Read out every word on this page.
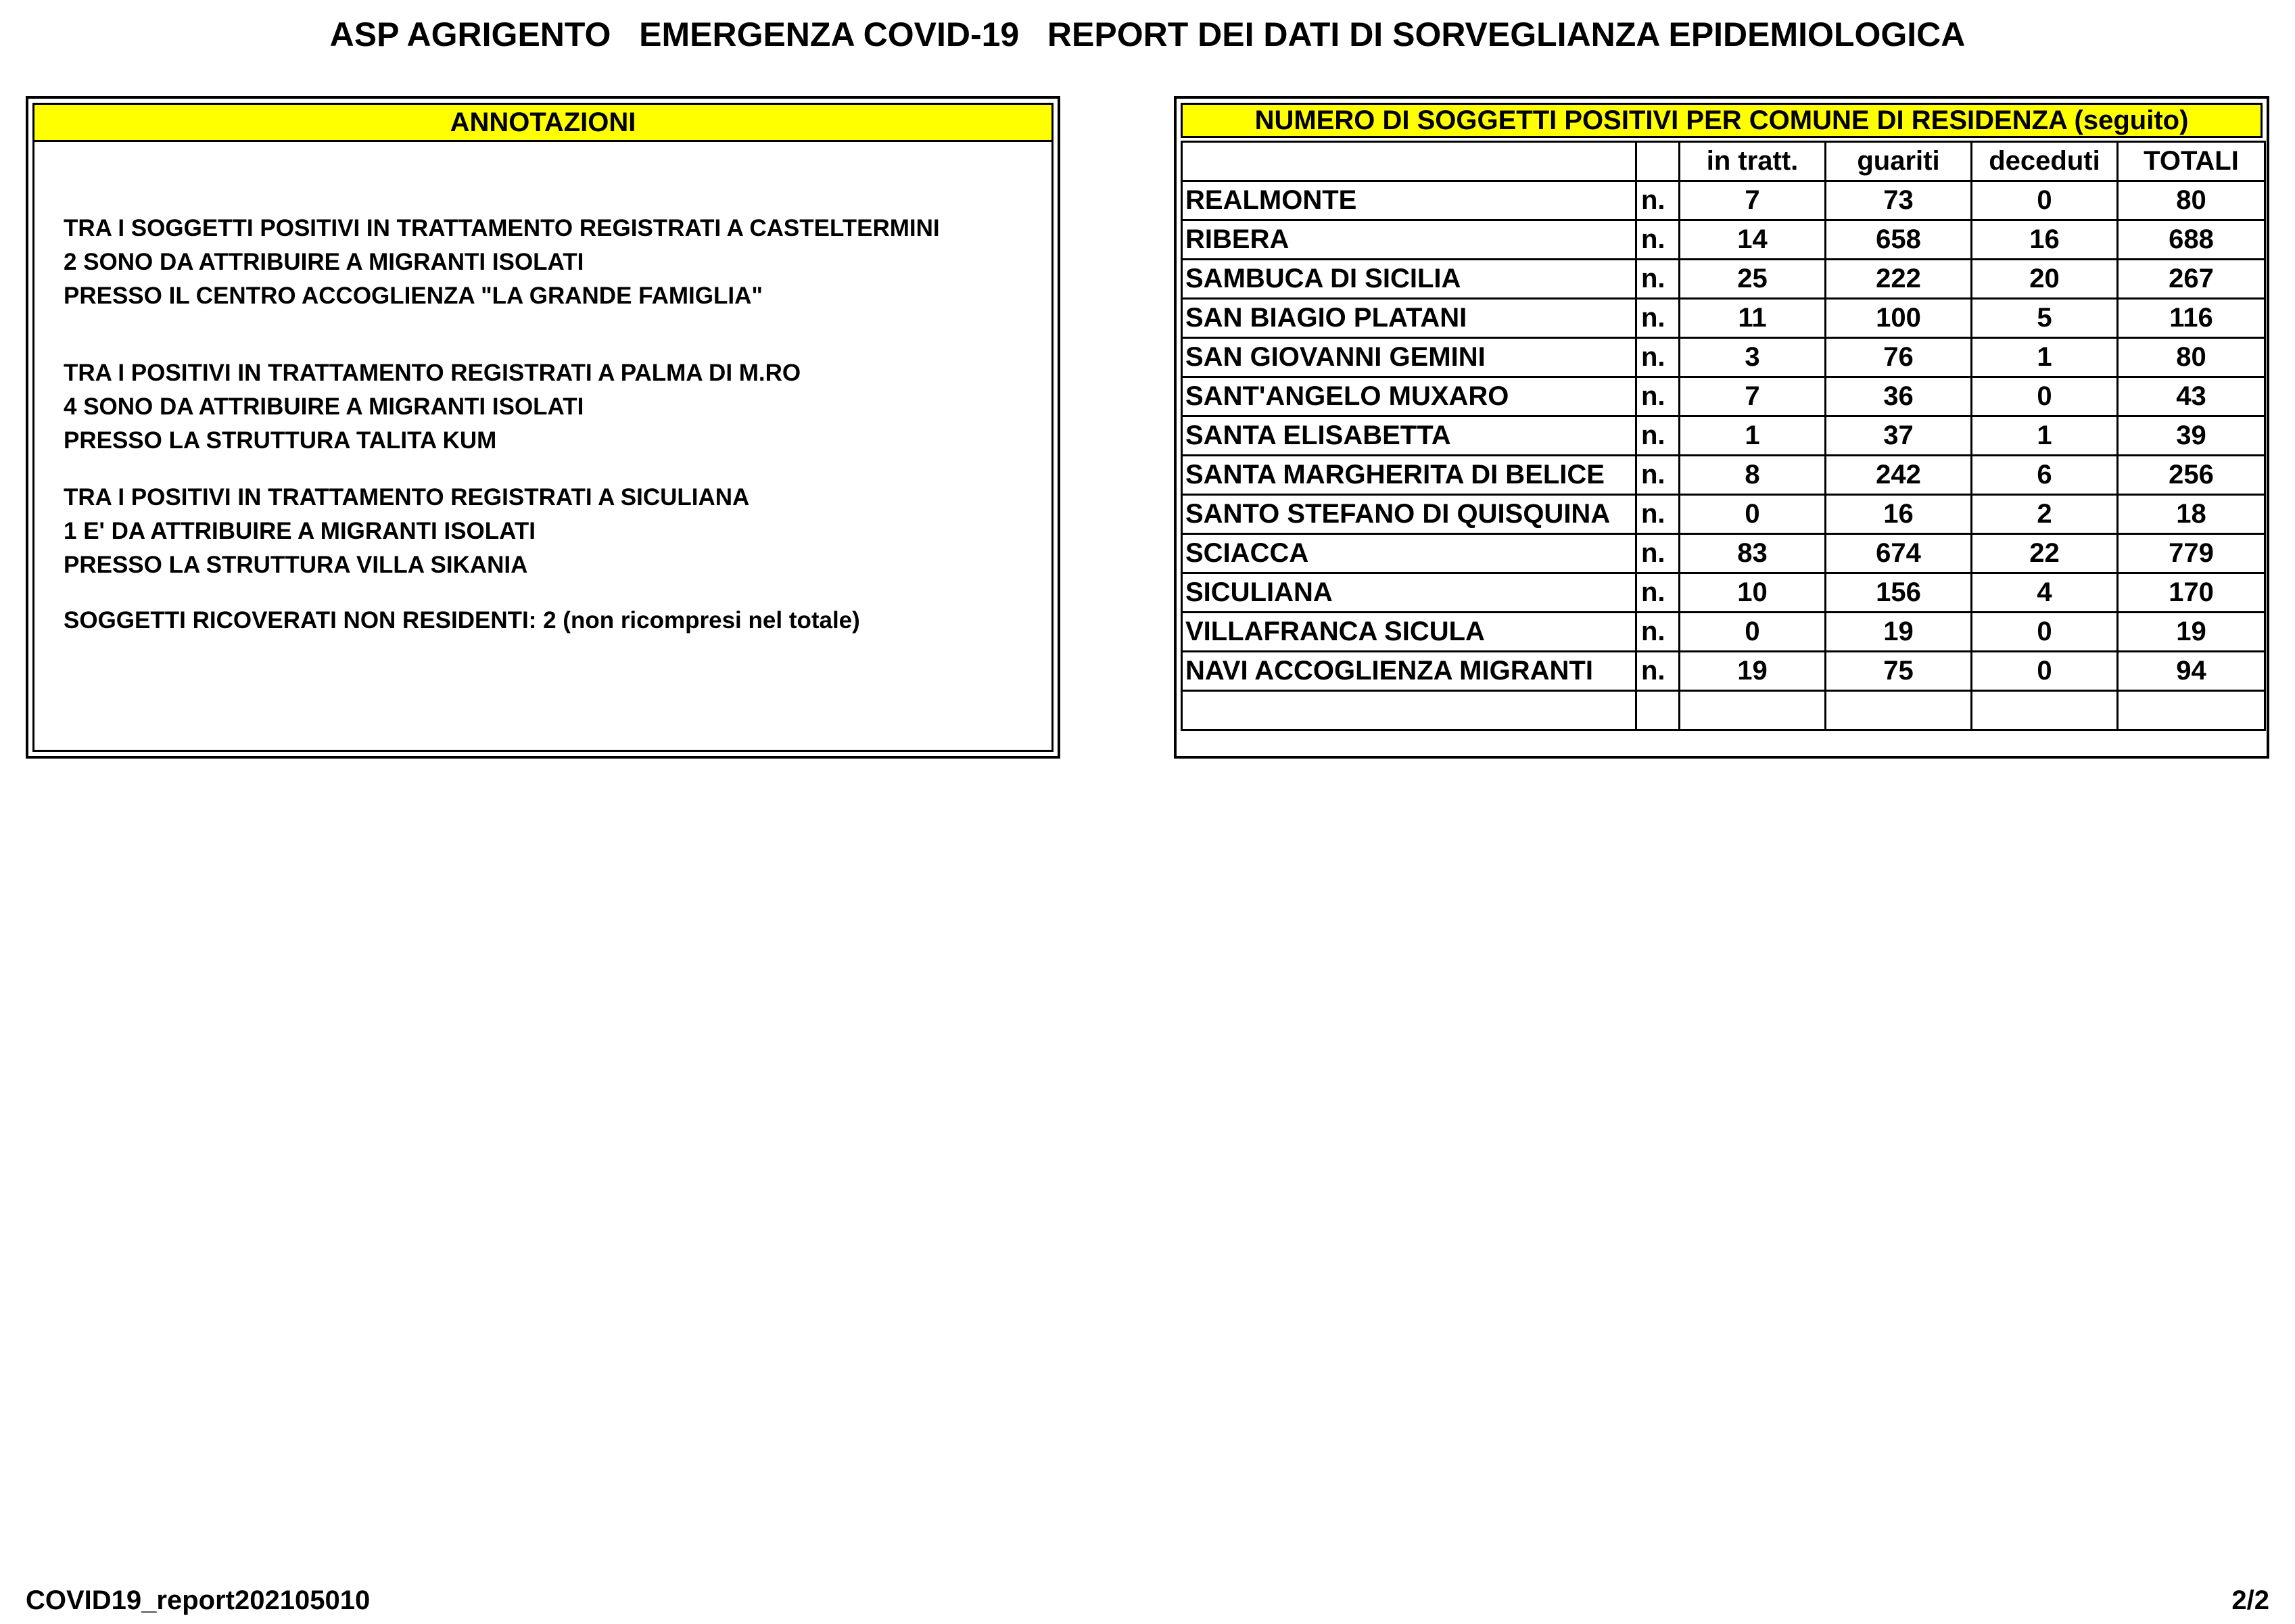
ASP AGRIGENTO   EMERGENZA COVID-19   REPORT DEI DATI DI SORVEGLIANZA EPIDEMIOLOGICA
ANNOTAZIONI
TRA I SOGGETTI POSITIVI IN TRATTAMENTO REGISTRATI A CASTELTERMINI
2 SONO DA ATTRIBUIRE A MIGRANTI ISOLATI
PRESSO IL CENTRO ACCOGLIENZA "LA GRANDE FAMIGLIA"
TRA I POSITIVI IN TRATTAMENTO REGISTRATI A PALMA DI M.RO
4 SONO DA ATTRIBUIRE A MIGRANTI ISOLATI
PRESSO LA STRUTTURA TALITA KUM
TRA I POSITIVI IN TRATTAMENTO REGISTRATI A SICULIANA
1 E' DA ATTRIBUIRE A MIGRANTI ISOLATI
PRESSO LA STRUTTURA VILLA SIKANIA
SOGGETTI RICOVERATI NON RESIDENTI: 2 (non ricompresi nel totale)
NUMERO DI SOGGETTI POSITIVI PER COMUNE DI RESIDENZA (seguito)
		in tratt.	guariti	deceduti	TOTALI
REALMONTE	n.	7	73	0	80
RIBERA	n.	14	658	16	688
SAMBUCA DI SICILIA	n.	25	222	20	267
SAN BIAGIO PLATANI	n.	11	100	5	116
SAN GIOVANNI GEMINI	n.	3	76	1	80
SANT'ANGELO MUXARO	n.	7	36	0	43
SANTA ELISABETTA	n.	1	37	1	39
SANTA MARGHERITA DI BELICE	n.	8	242	6	256
SANTO STEFANO DI QUISQUINA	n.	0	16	2	18
SCIACCA	n.	83	674	22	779
SICULIANA	n.	10	156	4	170
VILLAFRANCA SICULA	n.	0	19	0	19
NAVI ACCOGLIENZA MIGRANTI	n.	19	75	0	94

COVID19_report202105010	2/2
